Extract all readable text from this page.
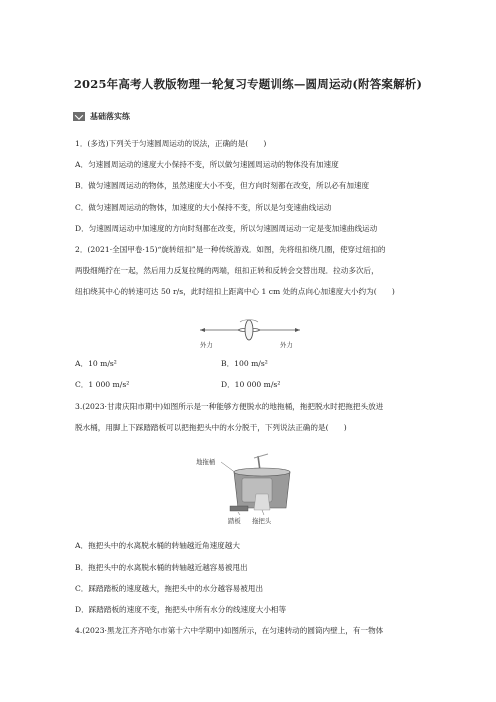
2025年高考人教版物理一轮复习专题训练—圆周运动(附答案解析)
基础落实练
1．(多选)下列关于匀速圆周运动的说法，正确的是(　　)
A．匀速圆周运动的速度大小保持不变，所以做匀速圆周运动的物体没有加速度
B．做匀速圆周运动的物体，虽然速度大小不变，但方向时刻都在改变，所以必有加速度
C．做匀速圆周运动的物体，加速度的大小保持不变，所以是匀变速曲线运动
D．匀速圆周运动中加速度的方向时刻都在改变，所以匀速圆周运动一定是变加速曲线运动
2．(2021·全国甲卷·15)“旋转纽扣”是一种传统游戏．如图，先将纽扣绕几圈，使穿过纽扣的
两股细绳拧在一起，然后用力反复拉绳的两端，纽扣正转和反转会交替出现．拉动多次后，
纽扣绕其中心的转速可达 50 r/s，此时纽扣上距离中心 1 cm 处的点向心加速度大小约为(　　)
外力	外力
A．10 m/s²	B．100 m/s²
C．1 000 m/s²	D．10 000 m/s²
3.(2023·甘肃庆阳市期中)如图所示是一种能够方便脱水的地拖桶，拖把脱水时把拖把头放进
脱水桶，用脚上下踩踏踏板可以把拖把头中的水分脱干，下列说法正确的是(　　)
地拖桶
踏板 拖把头
A．拖把头中的水离脱水桶的转轴越近角速度越大
B．拖把头中的水离脱水桶的转轴越近越容易被甩出
C．踩踏踏板的速度越大，拖把头中的水分越容易被甩出
D．踩踏踏板的速度不变，拖把头中所有水分的线速度大小相等
4.(2023·黑龙江齐齐哈尔市第十六中学期中)如图所示，在匀速转动的圆筒内壁上，有一物体
